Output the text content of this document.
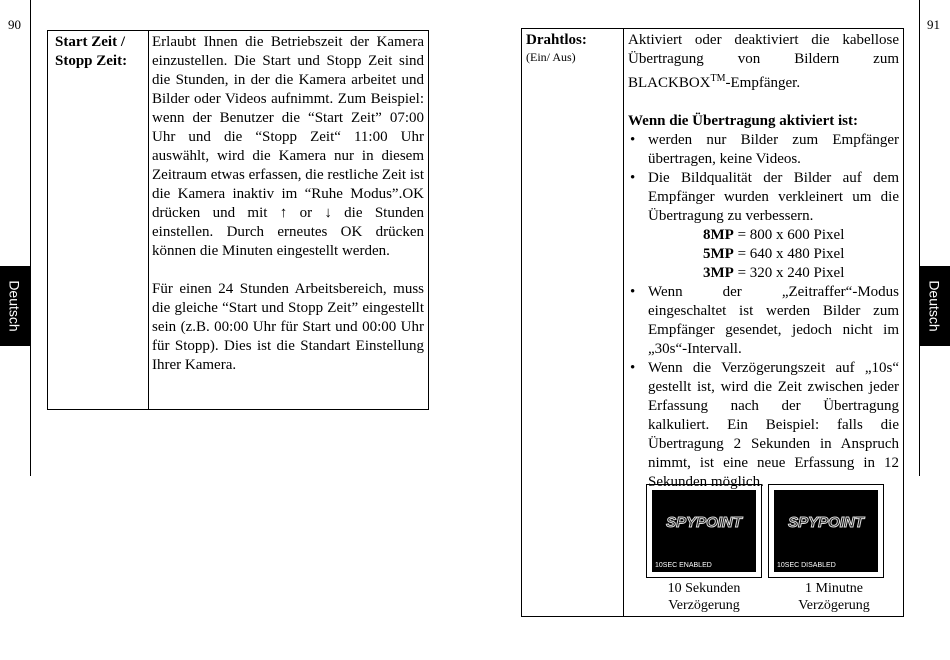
90
Deutsch
Start Zeit /
Stopp Zeit:

Erlaubt Ihnen die Betriebszeit der Kamera einzustellen. Die Start und Stopp Zeit sind die Stunden, in der die Kamera arbeitet und Bilder oder Videos aufnimmt. Zum Beispiel: wenn der Benutzer die “Start Zeit” 07:00 Uhr und die “Stopp Zeit“ 11:00 Uhr auswählt, wird die Kamera nur in diesem Zeitraum etwas erfassen, die restliche Zeit ist die Kamera inaktiv im “Ruhe Modus”.OK drücken und mit ↑ or ↓ die Stunden einstellen. Durch erneutes OK drücken können die Minuten eingestellt werden.

Für einen 24 Stunden Arbeitsbereich, muss die gleiche “Start und Stopp Zeit” eingestellt sein (z.B. 00:00 Uhr für Start und 00:00 Uhr für Stopp). Dies ist die Standart Einstellung Ihrer Kamera.

91
Deutsch
Drahtlos:
(Ein/ Aus)

Aktiviert oder deaktiviert die kabellose Übertragung von Bildern zum BLACKBOX™-Empfänger.

Wenn die Übertragung aktiviert ist:

• werden nur Bilder zum Empfänger übertragen, keine Videos.
• Die Bildqualität der Bilder auf dem Empfänger wurden verkleinert um die Übertragung zu verbessern.
8MP = 800 x 600 Pixel
5MP = 640 x 480 Pixel
3MP = 320 x 240 Pixel
• Wenn der „Zeitraffer“-Modus eingeschaltet ist werden Bilder zum Empfänger gesendet, jedoch nicht im „30s“-Intervall.
• Wenn die Verzögerungszeit auf „10s“ gestellt ist, wird die Zeit zwischen jeder Erfassung nach der Übertragung kalkuliert. Ein Beispiel: falls die Übertragung 2 Sekunden in Anspruch nimmt, ist eine neue Erfassung in 12 Sekunden möglich.
SPYPOINT
10SEC ENABLED
10 Sekunden
Verzögerung
SPYPOINT
10SEC DISABLED
1 Minutne
Verzögerung
